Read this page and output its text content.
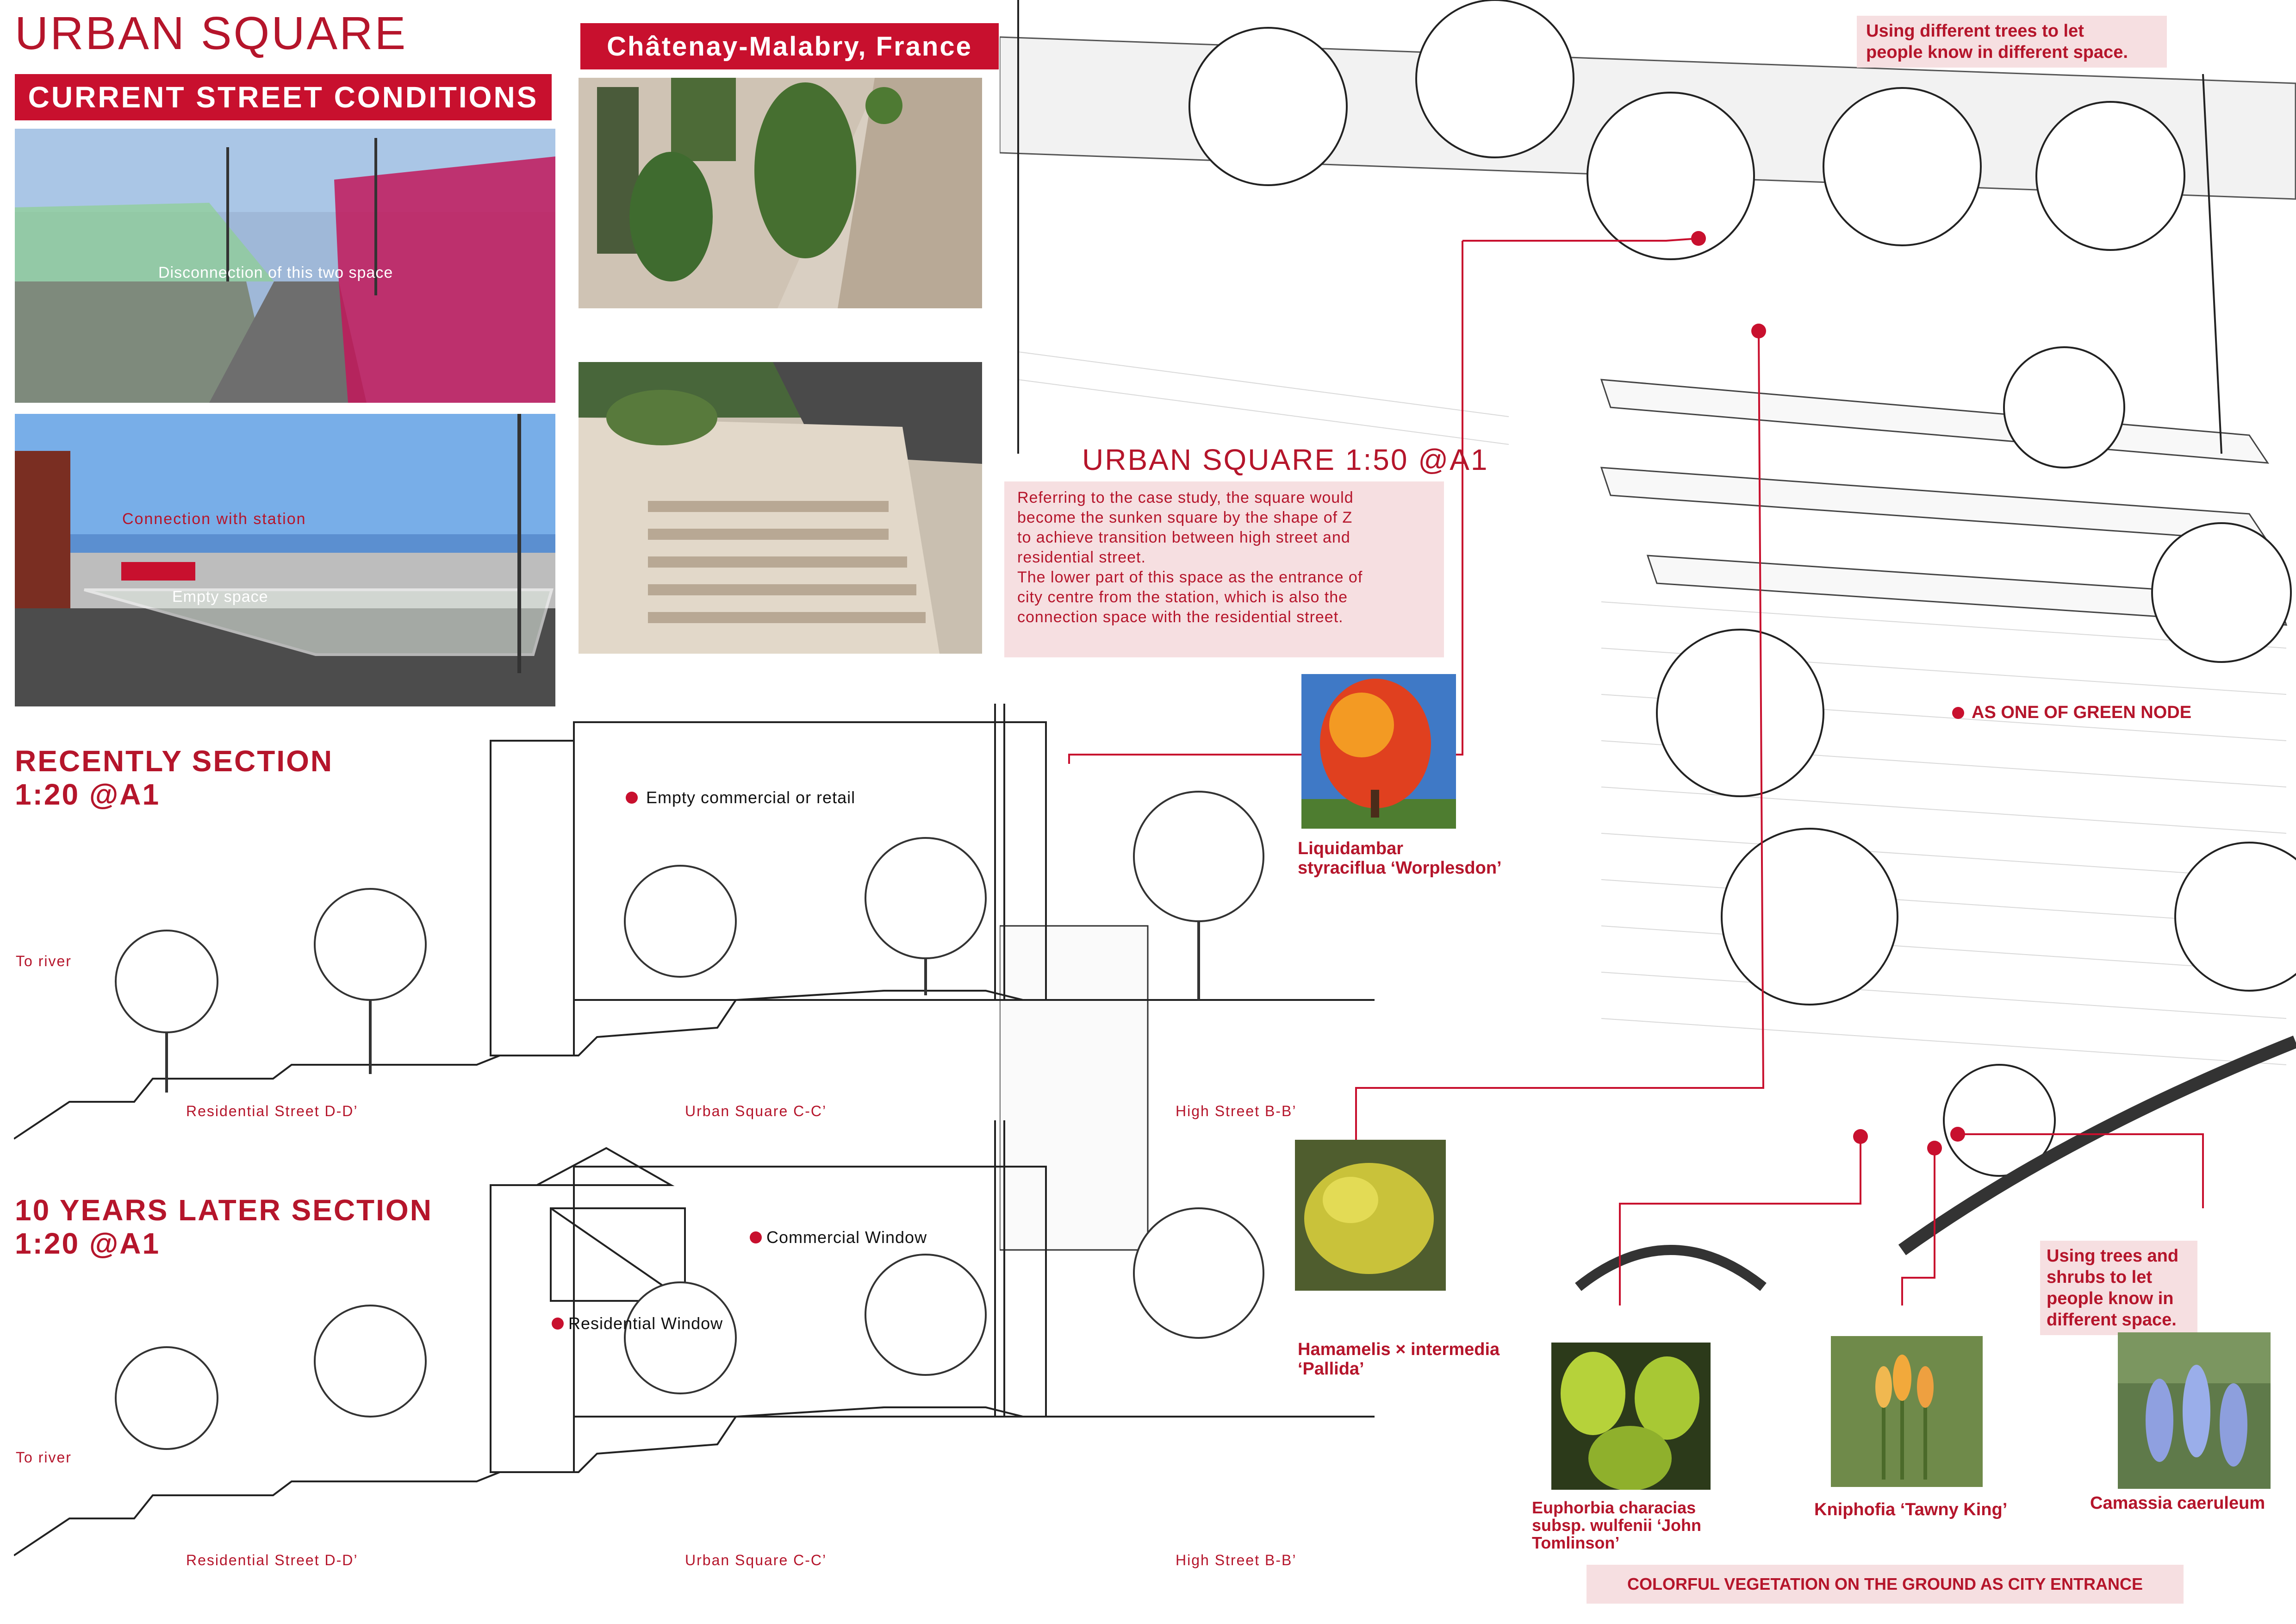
URBAN SQUARE
CURRENT STREET CONDITIONS
Disconnection of this two space
Connection with station
Empty space
Châtenay-Malabry, France
URBAN SQUARE 1:50 @A1
Referring to the case study, the square would
become the sunken square by the shape of Z
to achieve transition between high street and
residential street.
The lower part of this space as the entrance of
city centre from the station, which is also the
connection space with the residential street.
Using different trees to let
people know in different space.
AS ONE OF GREEN NODE
Using trees and
shrubs to let
people know in
different space.
COLORFUL VEGETATION ON THE GROUND AS CITY ENTRANCE
RECENTLY SECTION
1:20 @A1
10 YEARS LATER SECTION
1:20 @A1
To river
Residential Street D-D’	Urban Square C-C’	High Street B-B’
Empty commercial or retail
To river
Residential Street D-D’	Urban Square C-C’	High Street B-B’
Commercial Window
Residential Window
Liquidambar
styraciflua ‘Worplesdon’
Hamamelis × intermedia
‘Pallida’
Euphorbia characias
subsp. wulfenii ‘John
Tomlinson’
Kniphofia ‘Tawny King’	Camassia caeruleum
